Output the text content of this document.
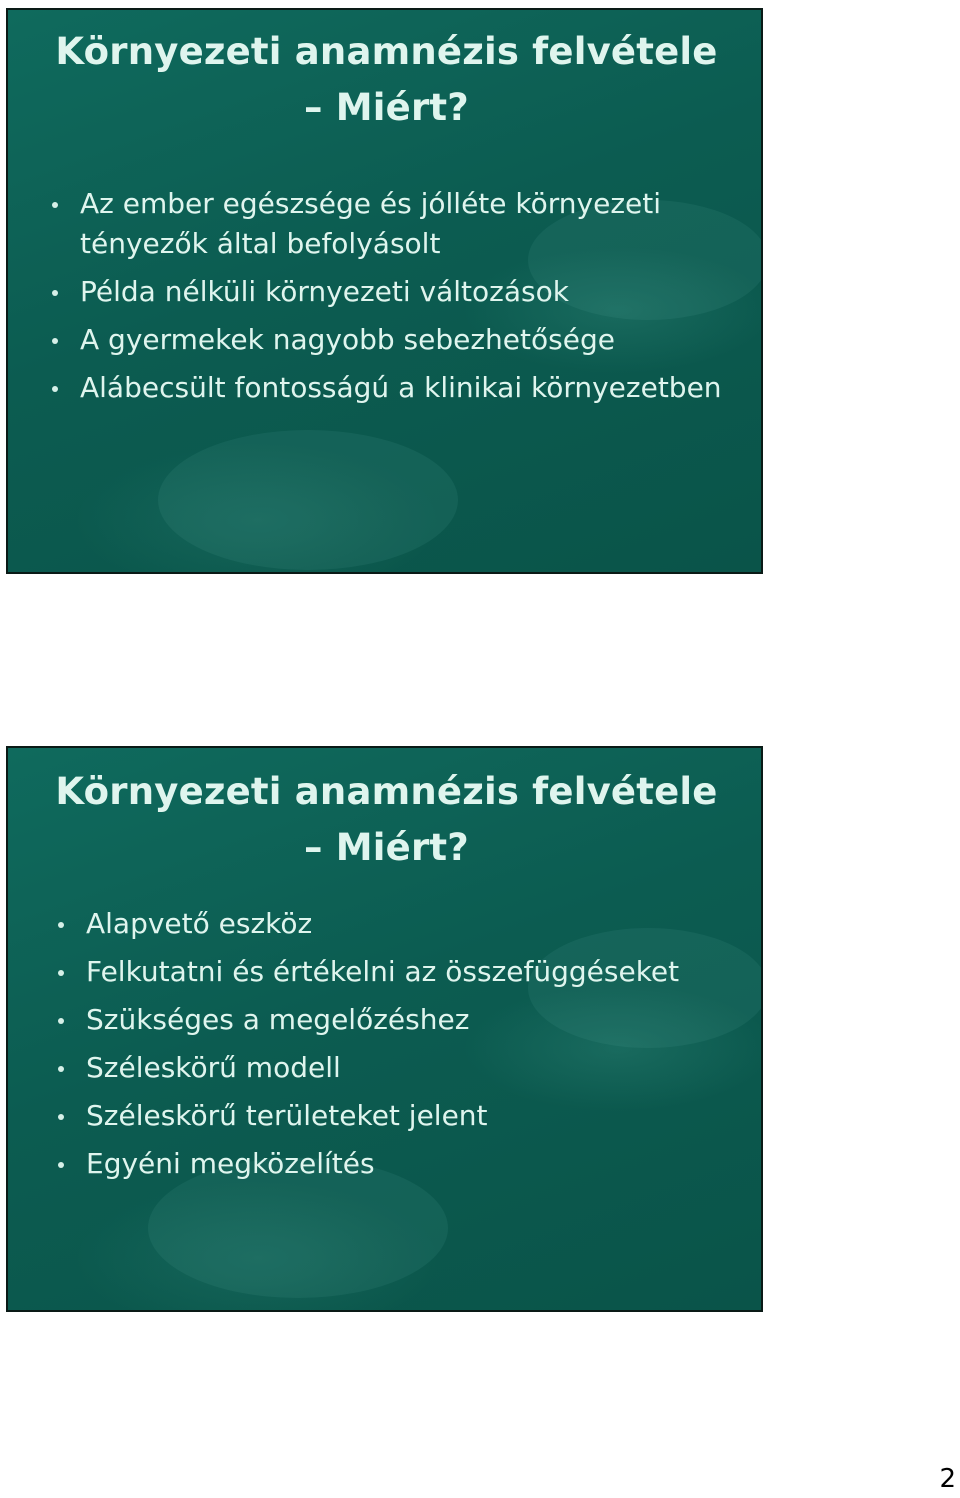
Környezeti anamnézis felvétele
– Miért?
Az ember egészsége és jólléte környezeti tényezők által befolyásolt
Példa nélküli környezeti változások
A gyermekek nagyobb sebezhetősége
Alábecsült fontosságú a klinikai környezetben
Környezeti anamnézis felvétele
– Miért?
Alapvető eszköz
Felkutatni és értékelni az összefüggéseket
Szükséges a megelőzéshez
Széleskörű modell
Széleskörű területeket jelent
Egyéni megközelítés
2
